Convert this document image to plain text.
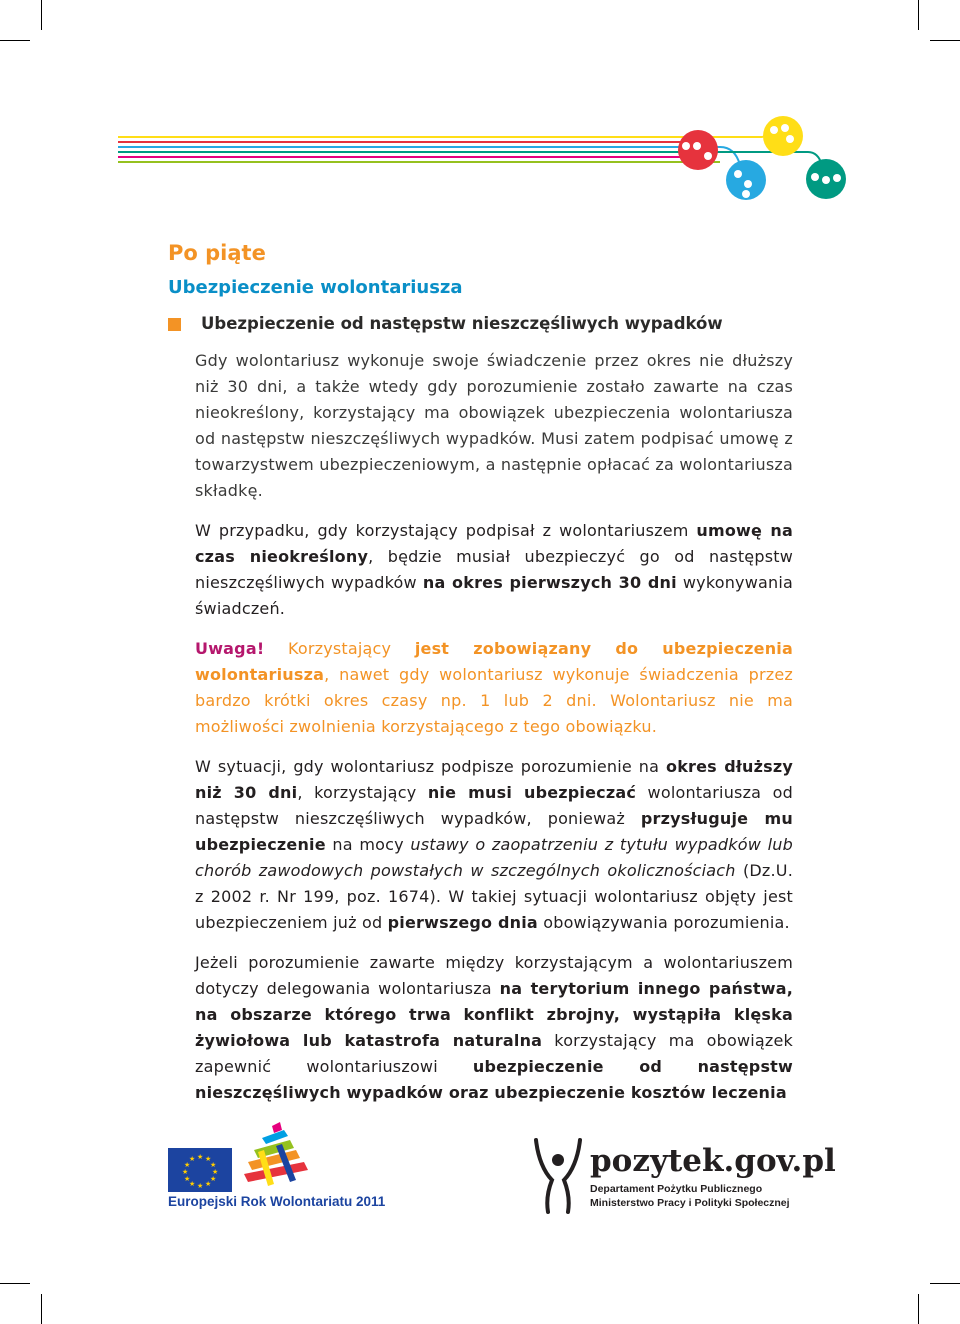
Po piąte
Ubezpieczenie wolontariusza
Ubezpieczenie od następstw nieszczęśliwych wypadków

Gdy wolontariusz wykonuje swoje świadczenie przez okres nie dłuższy niż 30 dni, a także wtedy gdy porozumienie zostało zawarte na czas nieokreślony, korzystający ma obowiązek ubezpieczenia wolontariusza od następstw nieszczęśliwych wypadków. Musi zatem podpisać umowę z towarzystwem ubezpieczeniowym, a następnie opłacać za wolontariusza składkę.

W przypadku, gdy korzystający podpisał z wolontariuszem umowę na czas nieokreślony, będzie musiał ubezpieczyć go od następstw nieszczęśliwych wypadków na okres pierwszych 30 dni wykonywania świadczeń.

Uwaga! Korzystający jest zobowiązany do ubezpieczenia wolontariusza, nawet gdy wolontariusz wykonuje świadczenia przez bardzo krótki okres czasy np. 1 lub 2 dni. Wolontariusz nie ma możliwości zwolnienia korzystającego z tego obowiązku.

W sytuacji, gdy wolontariusz podpisze porozumienie na okres dłuższy niż 30 dni, korzystający nie musi ubezpieczać wolontariusza od następstw nieszczęśliwych wypadków, ponieważ przysługuje mu ubezpieczenie na mocy ustawy o zaopatrzeniu z tytułu wypadków lub chorób zawodowych powstałych w szczególnych okolicznościach (Dz.U. z 2002 r. Nr 199, poz. 1674). W takiej sytuacji wolontariusz objęty jest ubezpieczeniem już od pierwszego dnia obowiązywania porozumienia.

Jeżeli porozumienie zawarte między korzystającym a wolontariuszem dotyczy delegowania wolontariusza na terytorium innego państwa, na obszarze którego trwa konflikt zbrojny, wystąpiła klęska żywiołowa lub katastrofa naturalna korzystający ma obowiązek zapewnić wolontariuszowi ubezpieczenie od następstw nieszczęśliwych wypadków oraz ubezpieczenie kosztów leczenia

★ ★
★
★
★
★
★
★
★
★
★
★
Europejski Rok Wolontariatu 2011
pozytek.gov.pl
Departament Pożytku Publicznego
Ministerstwo Pracy i Polityki Społecznej
